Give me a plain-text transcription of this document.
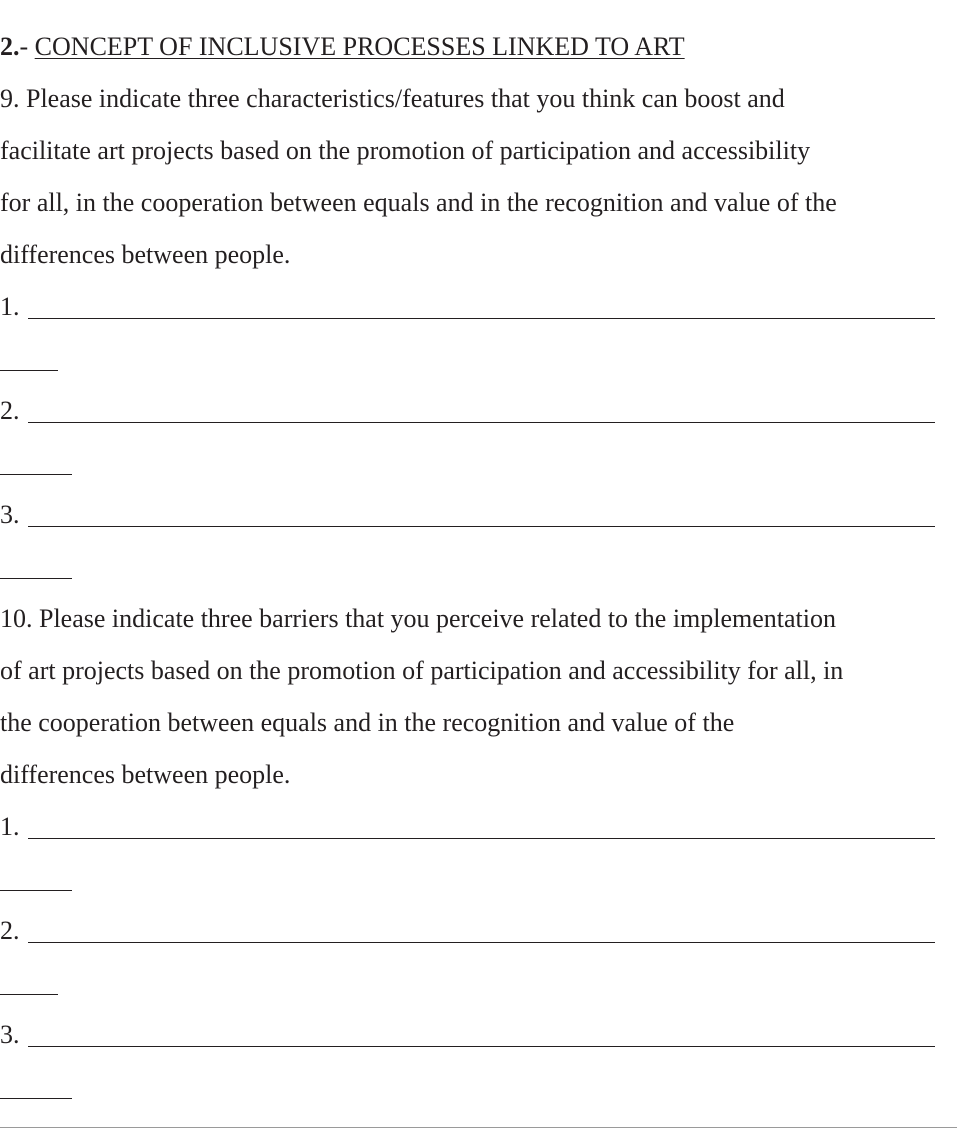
2.- CONCEPT OF INCLUSIVE PROCESSES LINKED TO ART
9. Please indicate three characteristics/features that you think can boost and
facilitate art projects based on the promotion of participation and accessibility
for all, in the cooperation between equals and in the recognition and value of the
differences between people.
1.
2.
3.
10. Please indicate three barriers that you perceive related to the implementation
of art projects based on the promotion of participation and accessibility for all, in
the cooperation between equals and in the recognition and value of the
differences between people.
1.
2.
3.
